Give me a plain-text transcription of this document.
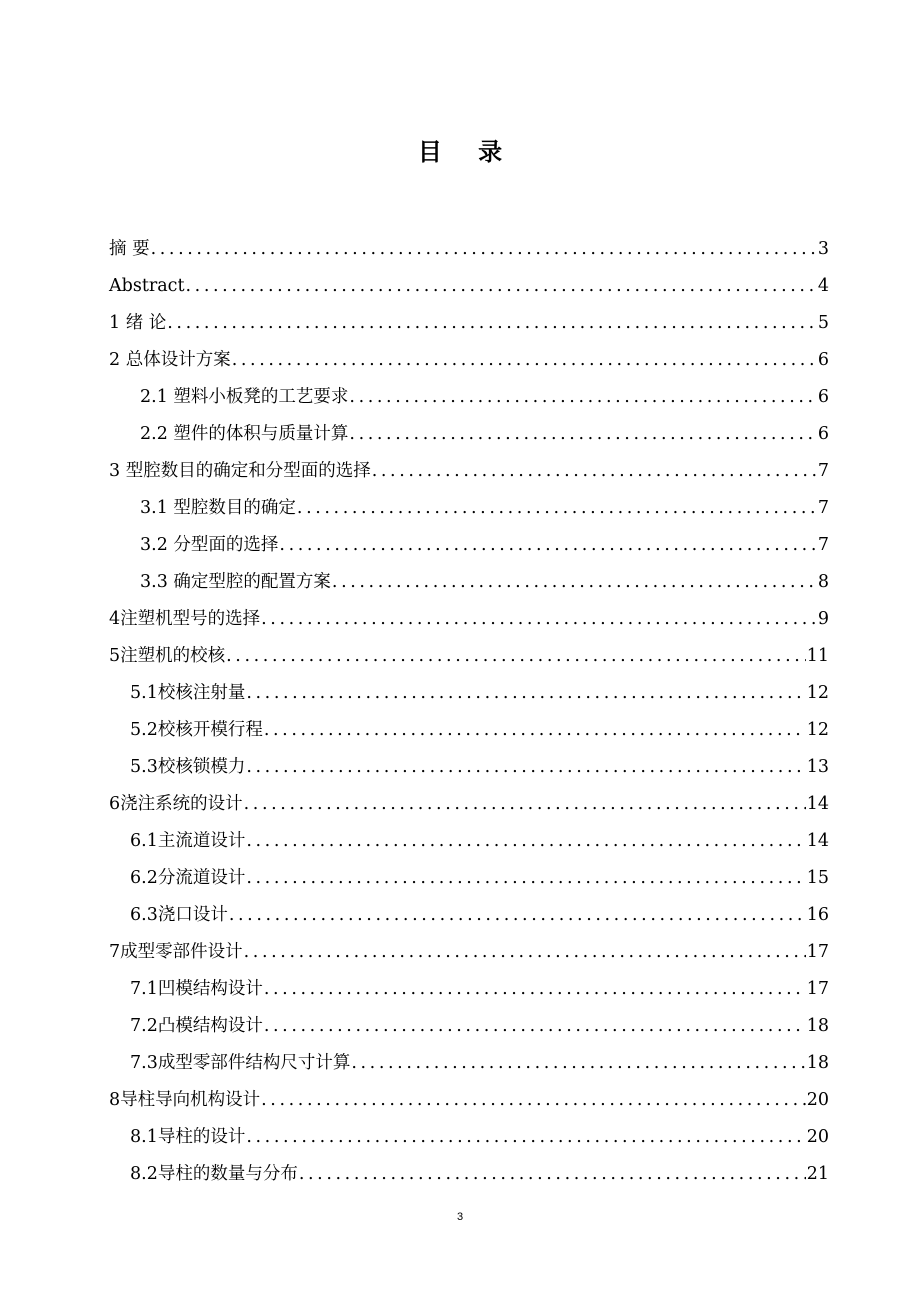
目 录
摘 要 .....	3
Abstract .....	4
1 绪 论 .....	5
2 总体设计方案 .....	6
2.1 塑料小板凳的工艺要求 .....	6
2.2 塑件的体积与质量计算 .....	6
3 型腔数目的确定和分型面的选择 .....	7
3.1 型腔数目的确定 .....	7
3.2 分型面的选择 .....	7
3.3 确定型腔的配置方案 .....	8
4注塑机型号的选择 .....	9
5注塑机的校核 .....	11
5.1校核注射量 .....	12
5.2校核开模行程 .....	12
5.3校核锁模力 .....	13
6浇注系统的设计 .....	14
6.1主流道设计 .....	14
6.2分流道设计 .....	15
6.3浇口设计 .....	16
7成型零部件设计 .....	17
7.1凹模结构设计 .....	17
7.2凸模结构设计 .....	18
7.3成型零部件结构尺寸计算 .....	18
8导柱导向机构设计 .....	20
8.1导柱的设计 .....	20
8.2导柱的数量与分布 .....	21
3
